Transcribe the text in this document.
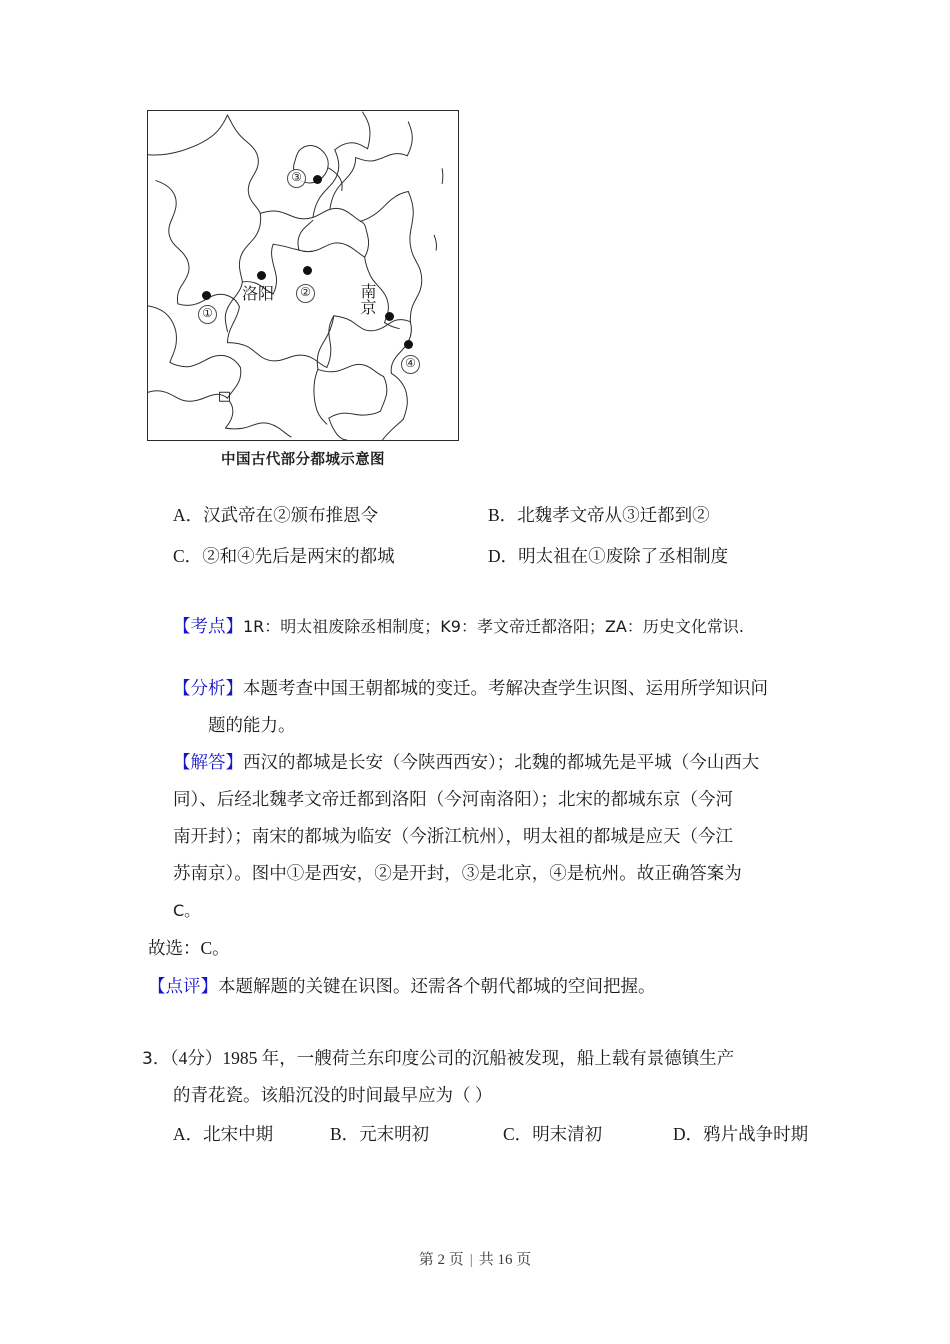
③
②
①
④
洛阳	南京
中国古代部分都城示意图
A．汉武帝在②颁布推恩令	B．北魏孝文帝从③迁都到②
C．②和④先后是两宋的都城	D．明太祖在①废除了丞相制度
【考点】1R：明太祖废除丞相制度；K9：孝文帝迁都洛阳；ZA：历史文化常识.
【分析】本题考查中国王朝都城的变迁。考解决查学生识图、运用所学知识问
题的能力。
【解答】西汉的都城是长安（今陕西西安）；北魏的都城先是平城（今山西大
同）、后经北魏孝文帝迁都到洛阳（今河南洛阳）；北宋的都城东京（今河
南开封）；南宋的都城为临安（今浙江杭州），明太祖的都城是应天（今江
苏南京）。图中①是西安，②是开封，③是北京，④是杭州。故正确答案为
C。
故选：C。
【点评】本题解题的关键在识图。还需各个朝代都城的空间把握。
3．（4分）1985 年，一艘荷兰东印度公司的沉船被发现，船上载有景德镇生产
的青花瓷。该船沉没的时间最早应为（ ）
A．北宋中期	B．元末明初	C．明末清初	D．鸦片战争时期
第 2 页 | 共 16 页
